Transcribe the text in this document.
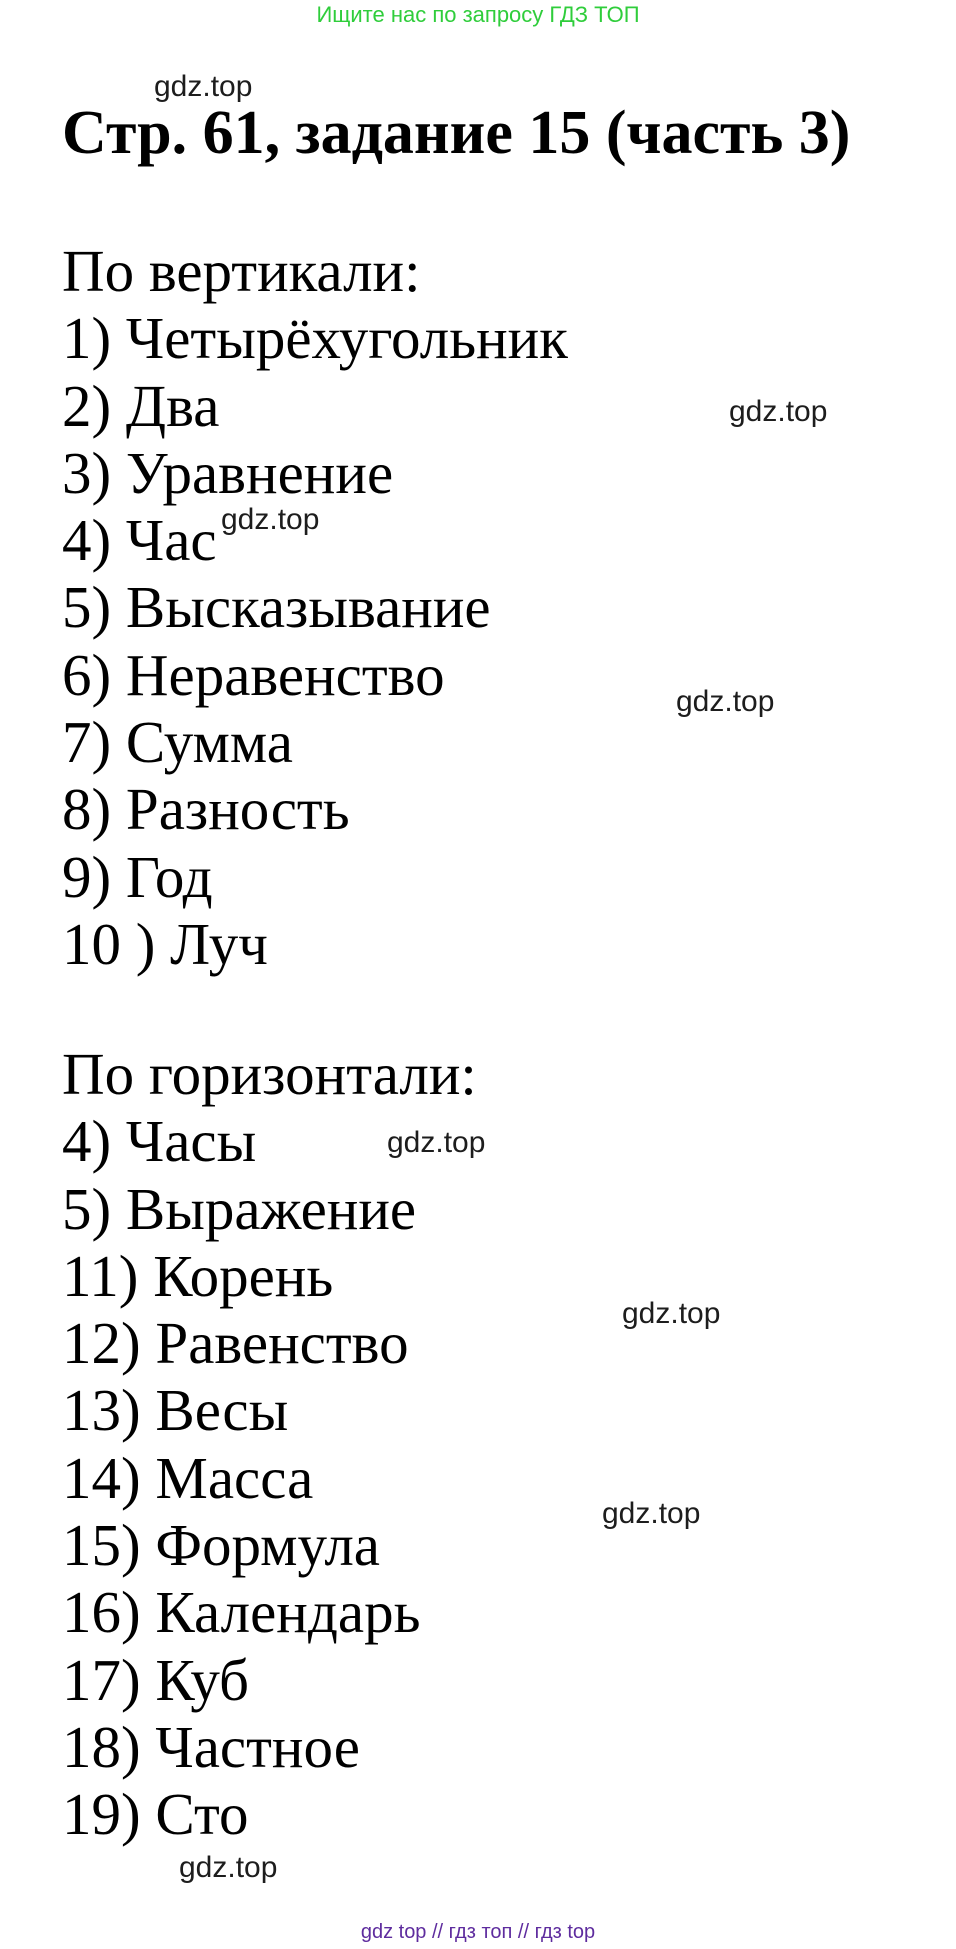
Ищите нас по запросу ГДЗ ТОП
gdz.top
Стр. 61, задание 15 (часть 3)
По вертикали:
1) Четырёхугольник
2) Два
3) Уравнение
4) Час
5) Высказывание
6) Неравенство
7) Сумма
8) Разность
9) Год
10 ) Луч
По горизонтали:
4) Часы
5) Выражение
11) Корень
12) Равенство
13) Весы
14) Масса
15) Формула
16) Календарь
17) Куб
18) Частное
19) Сто
gdz.top
gdz.top
gdz.top
gdz.top
gdz.top
gdz.top
gdz.top
gdz top // гдз топ // гдз top
